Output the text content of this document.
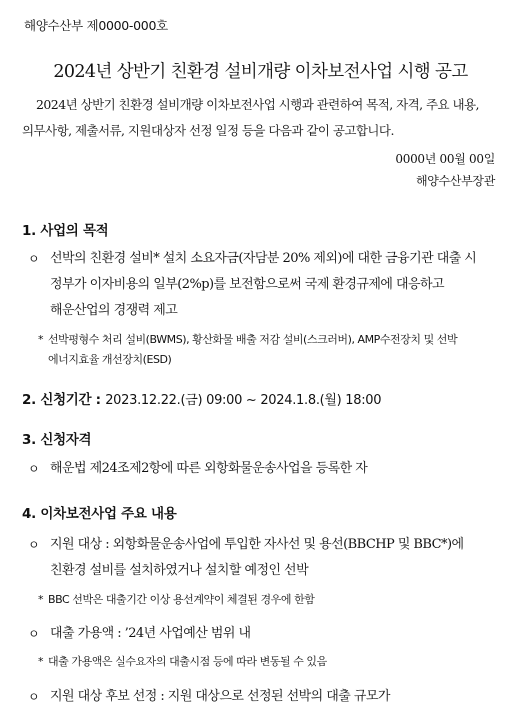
해양수산부 제0000-000호
2024년 상반기 친환경 설비개량 이차보전사업 시행 공고
2024년 상반기 친환경 설비개량 이차보전사업 시행과 관련하여 목적, 자격, 주요 내용, 의무사항, 제출서류, 지원대상자 선정 일정 등을 다음과 같이 공고합니다.
0000년 00월 00일
해양수산부장관
1. 사업의 목적
ㅇ 선박의 친환경 설비* 설치 소요자금(자담분 20% 제외)에 대한 금융기관 대출 시 정부가 이자비용의 일부(2%p)를 보전함으로써 국제 환경규제에 대응하고 해운산업의 경쟁력 제고
* 선박평형수 처리 설비(BWMS), 황산화물 배출 저감 설비(스크러버), AMP수전장치 및 선박 에너지효율 개선장치(ESD)
2. 신청기간 : 2023.12.22.(금) 09:00 ~ 2024.1.8.(월) 18:00
3. 신청자격
ㅇ 해운법 제24조제2항에 따른 외항화물운송사업을 등록한 자
4. 이차보전사업 주요 내용
ㅇ 지원 대상 : 외항화물운송사업에 투입한 자사선 및 용선(BBCHP 및 BBC*)에 친환경 설비를 설치하였거나 설치할 예정인 선박
* BBC 선박은 대출기간 이상 용선계약이 체결된 경우에 한함
ㅇ 대출 가용액 : ’24년 사업예산 범위 내
* 대출 가용액은 실수요자의 대출시점 등에 따라 변동될 수 있음
ㅇ 지원 대상 후보 선정 : 지원 대상으로 선정된 선박의 대출 규모가
